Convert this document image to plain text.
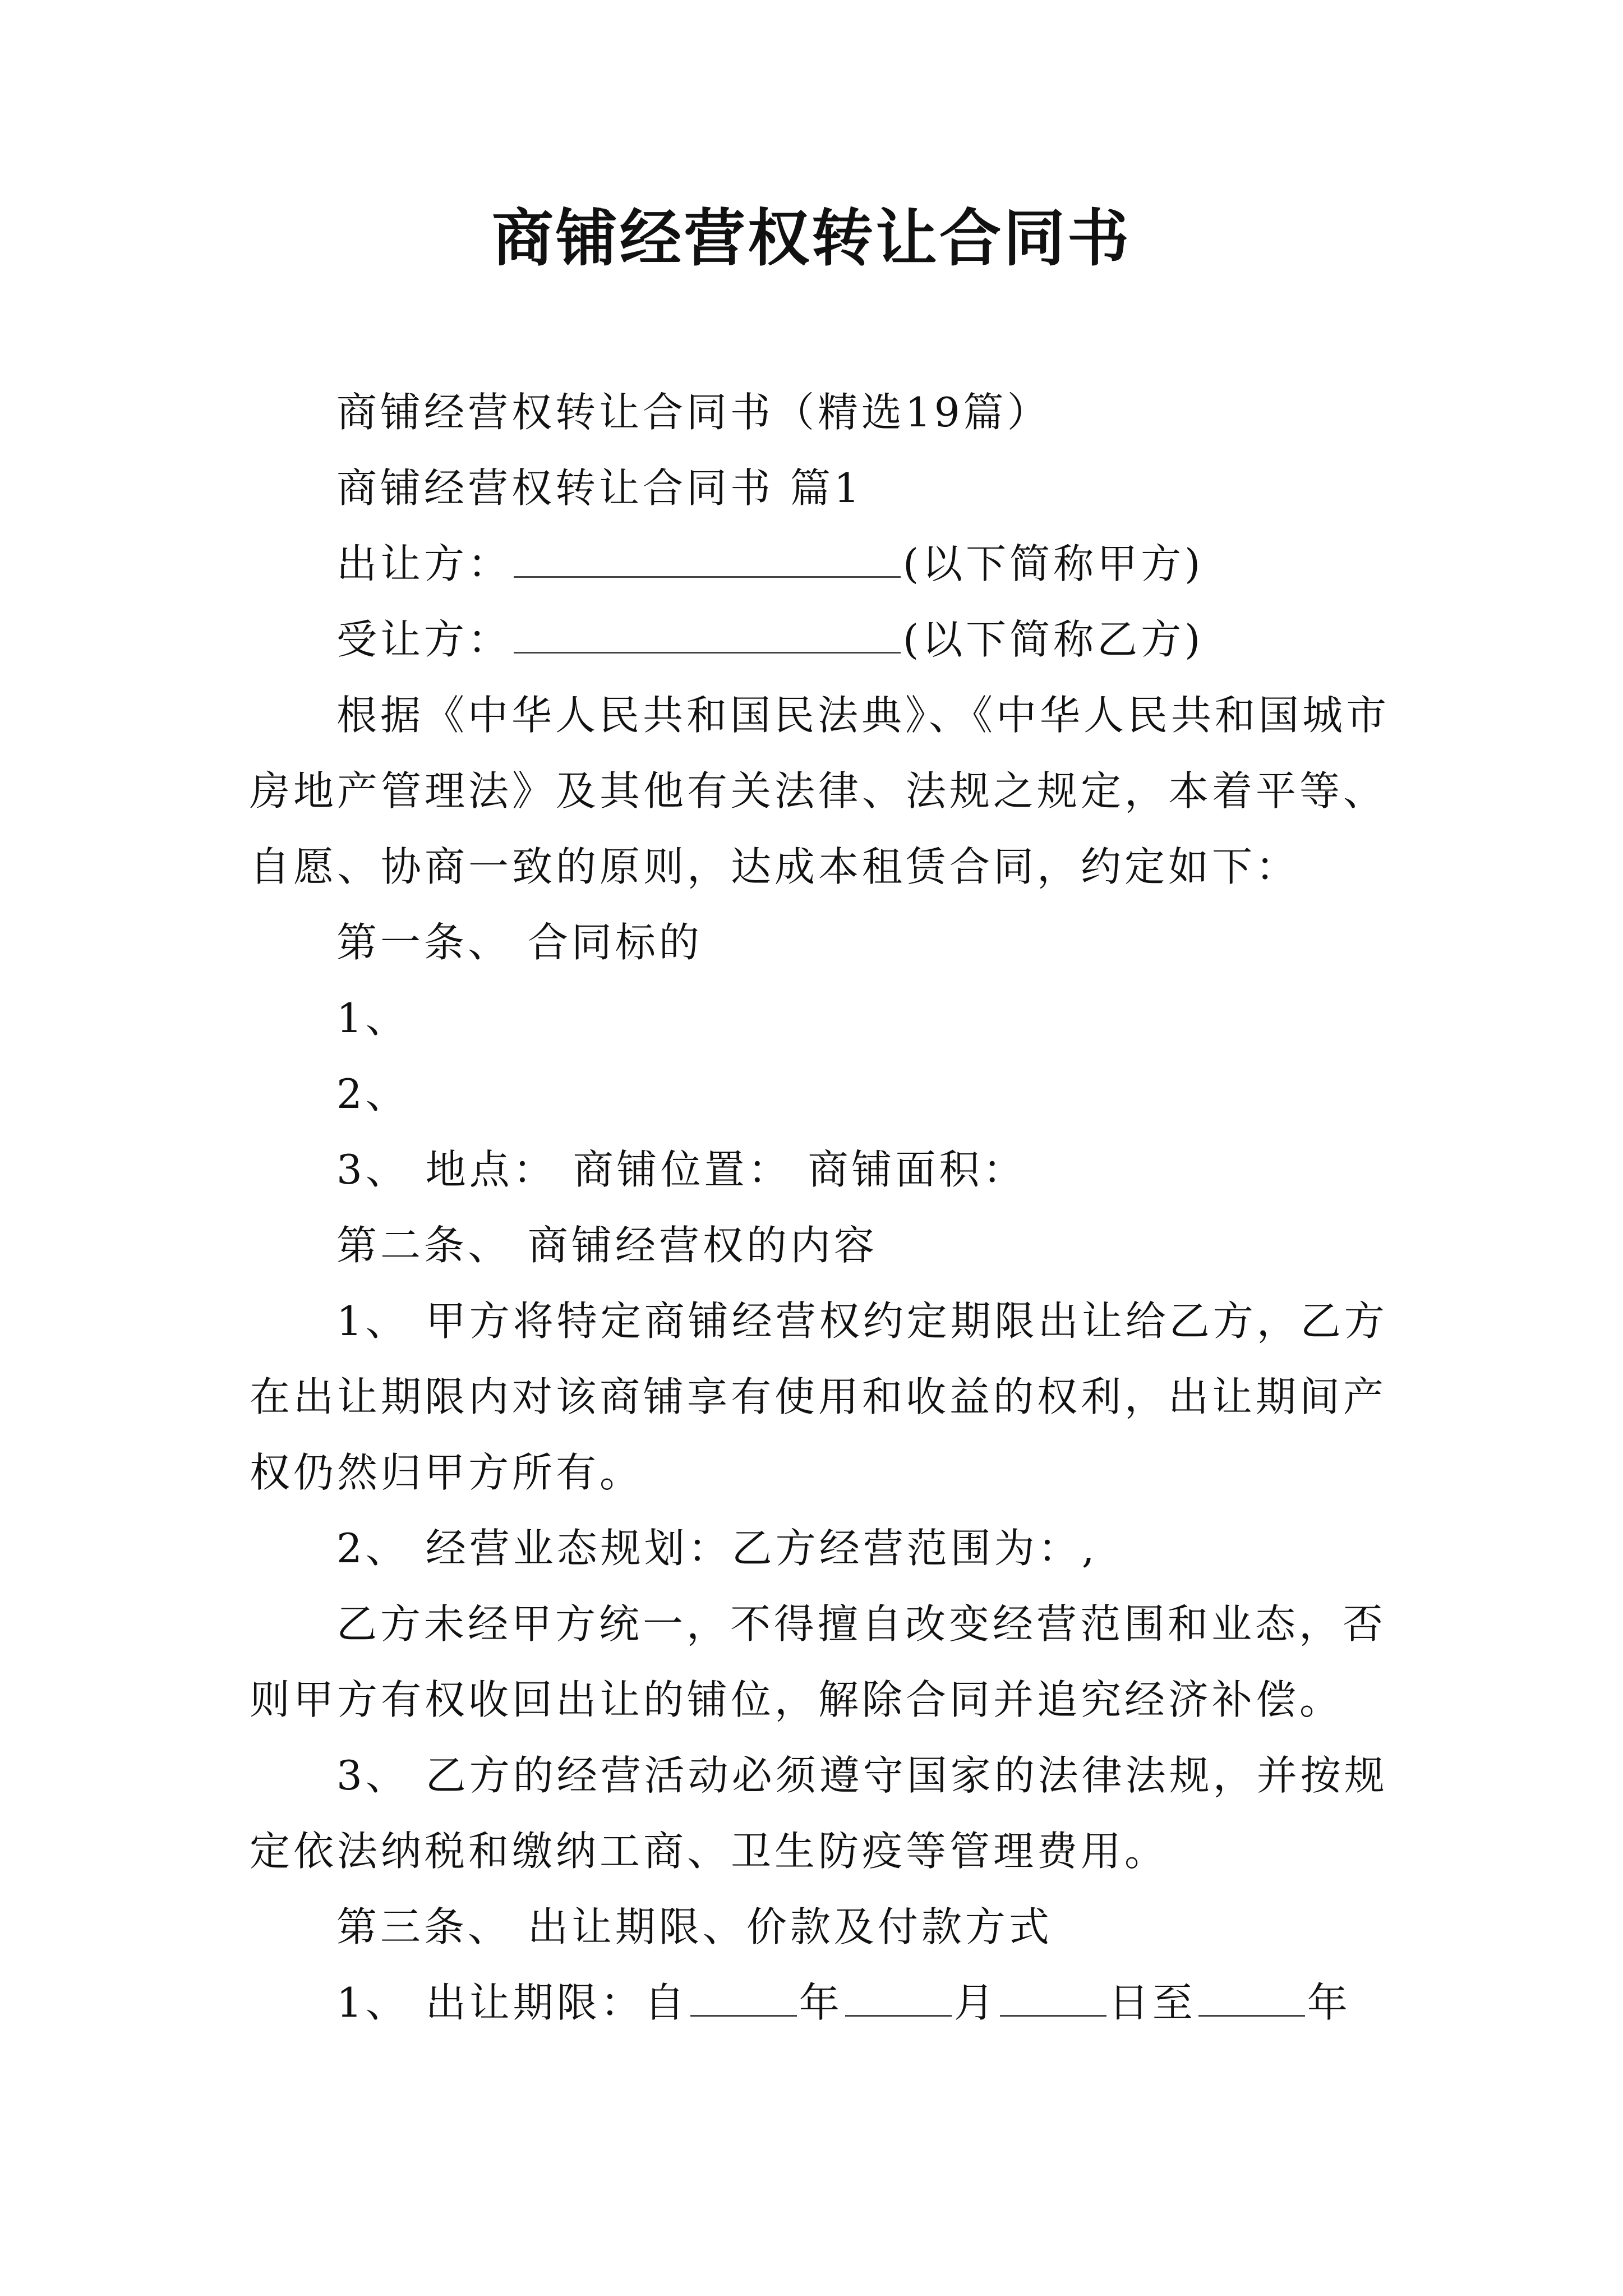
商铺经营权转让合同书
商铺经营权转让合同书（精选19篇）
商铺经营权转让合同书 篇1
出让方：	(以下简称甲方)
受让方：	(以下简称乙方)
根据《中华人民共和国民法典》、《中华人民共和国城市
房地产管理法》及其他有关法律、法规之规定，本着平等、
自愿、协商一致的原则，达成本租赁合同，约定如下：
第一条、 合同标的
1、
2、
3、 地点： 商铺位置： 商铺面积：
第二条、 商铺经营权的内容
1、 甲方将特定商铺经营权约定期限出让给乙方，乙方
在出让期限内对该商铺享有使用和收益的权利，出让期间产
权仍然归甲方所有。
2、 经营业态规划：乙方经营范围为：,
乙方未经甲方统一，不得擅自改变经营范围和业态，否
则甲方有权收回出让的铺位，解除合同并追究经济补偿。
3、 乙方的经营活动必须遵守国家的法律法规，并按规
定依法纳税和缴纳工商、卫生防疫等管理费用。
第三条、 出让期限、价款及付款方式
1、 出让期限：自	年	月	日至	年
